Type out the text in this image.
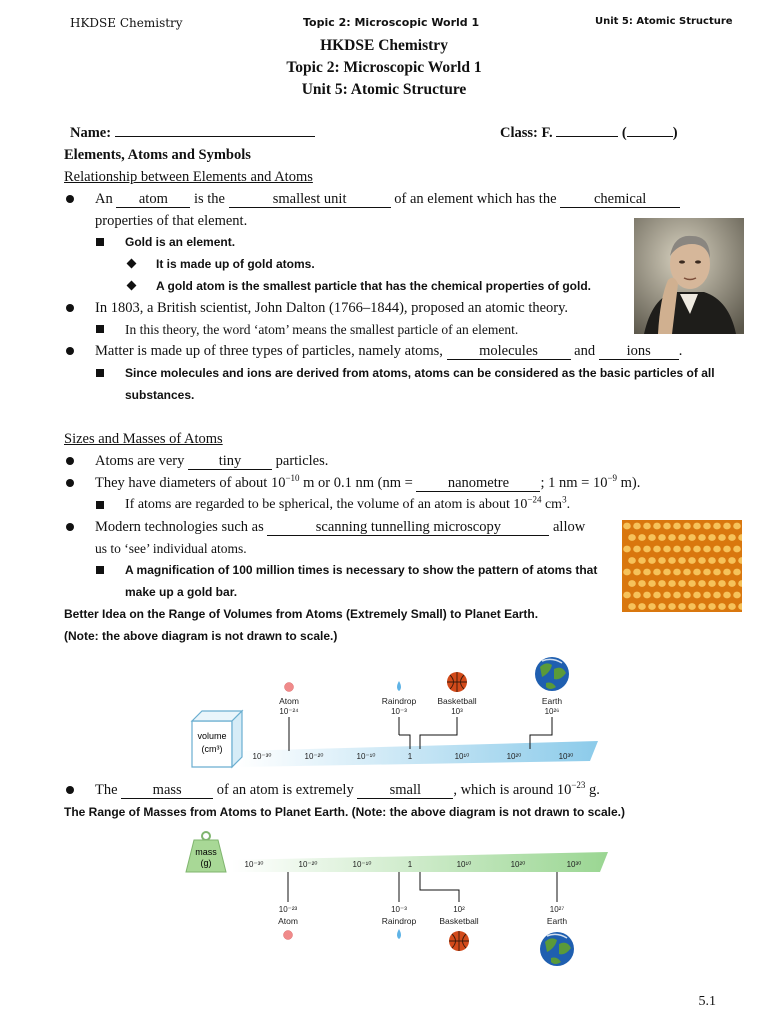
HKDSE Chemistry	Topic 2: Microscopic World 1	Unit 5: Atomic Structure
HKDSE Chemistry
Topic 2: Microscopic World 1
Unit 5: Atomic Structure
Name:	Class: F.	(	)
Elements, Atoms and Symbols
Relationship between Elements and Atoms
An atom is the	smallest unit	of an element which has the	chemical
properties of that element.
Gold is an element.
It is made up of gold atoms.
A gold atom is the smallest particle that has the chemical properties of gold.
In 1803, a British scientist, John Dalton (1766–1844), proposed an atomic theory.
In this theory, the word ‘atom’ means the smallest particle of an element.
Matter is made up of three types of particles, namely atoms, molecules and ions .
Since molecules and ions are derived from atoms, atoms can be considered as the basic particles of all
substances.
Sizes and Masses of Atoms
Atoms are very tiny particles.
They have diameters of about $10^{-10}$ m or 0.1 nm (nm = nanometre ; 1 nm = $10^{-9}$ m).
If atoms are regarded to be spherical, the volume of an atom is about $10^{-24}$ $cm^3$.
Modern technologies such as	scanning tunnelling microscopy	allow
us to ‘see’ individual atoms.
A magnification of 100 million times is necessary to show the pattern of atoms that
make up a gold bar.
Better Idea on the Range of Volumes from Atoms (Extremely Small) to Planet Earth.
(Note: the above diagram is not drawn to scale.)
volume
(cm³)
10⁻³⁰	10⁻²⁰	10⁻¹⁰	1	10¹⁰	10²⁰	10³⁰
Atom
10⁻²⁴
Raindrop
10⁻³
Basketball
10³
Earth
10²⁶
The mass of an atom is extremely small , which is around $10^{-23}$ g.
The Range of Masses from Atoms to Planet Earth. (Note: the above diagram is not drawn to scale.)
mass
(g)	10⁻³⁰	10⁻²⁰	10⁻¹⁰	1	10¹⁰	10²⁰	10³⁰
10⁻²³
Atom
10⁻³
Raindrop
10²
Basketball
10²⁷
Earth
5.1
